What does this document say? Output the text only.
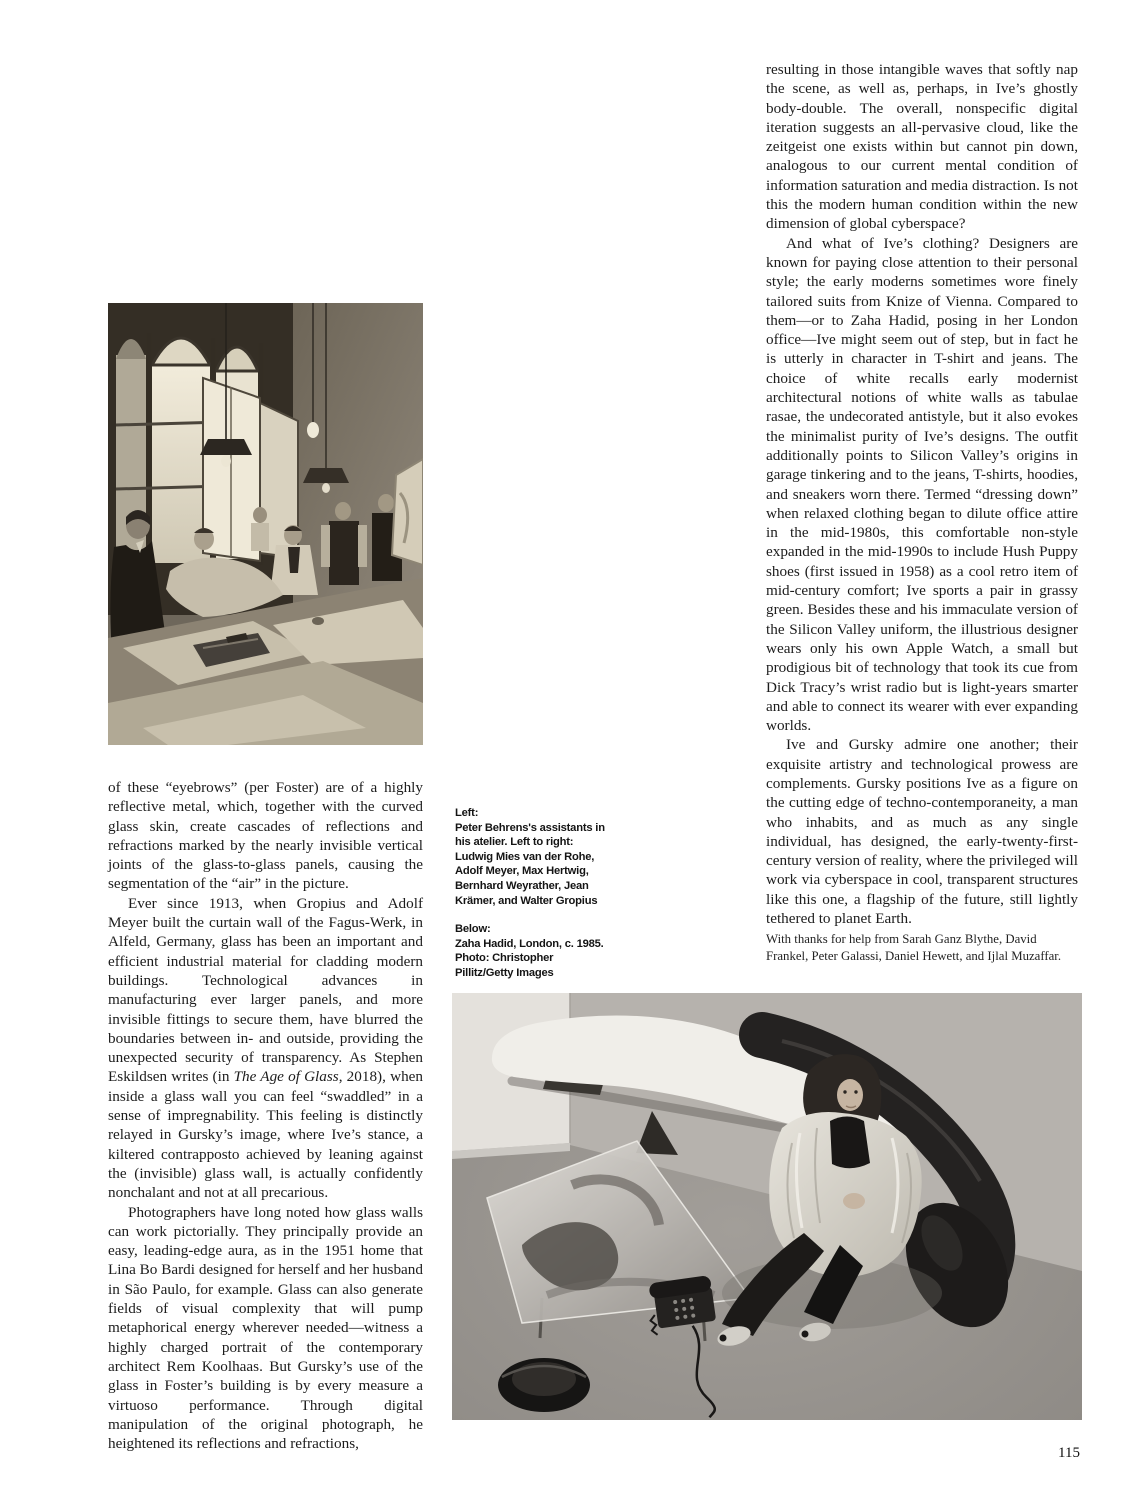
resulting in those intangible waves that softly nap the scene, as well as, perhaps, in Ive’s ghostly body-double. The overall, nonspecific digital iteration suggests an all-pervasive cloud, like the zeitgeist one exists within but cannot pin down, analogous to our current mental condition of information saturation and media distraction. Is not this the modern human condition within the new dimension of global cyberspace?

And what of Ive’s clothing? Designers are known for paying close attention to their personal style; the early moderns sometimes wore finely tailored suits from Knize of Vienna. Compared to them—or to Zaha Hadid, posing in her London office—Ive might seem out of step, but in fact he is utterly in character in T-shirt and jeans. The choice of white recalls early modernist architectural notions of white walls as tabulae rasae, the undecorated antistyle, but it also evokes the minimalist purity of Ive’s designs. The outfit additionally points to Silicon Valley’s origins in garage tinkering and to the jeans, T-shirts, hoodies, and sneakers worn there. Termed “dressing down” when relaxed clothing began to dilute office attire in the mid-1980s, this comfortable non-style expanded in the mid-1990s to include Hush Puppy shoes (first issued in 1958) as a cool retro item of mid-century comfort; Ive sports a pair in grassy green. Besides these and his immaculate version of the Silicon Valley uniform, the illustrious designer wears only his own Apple Watch, a small but prodigious bit of technology that took its cue from Dick Tracy’s wrist radio but is light-years smarter and able to connect its wearer with ever expanding worlds.

Ive and Gursky admire one another; their exquisite artistry and technological prowess are complements. Gursky positions Ive as a figure on the cutting edge of techno-contemporaneity, a man who inhabits, and as much as any single individual, has designed, the early-twenty-first-century version of reality, where the privileged will work via cyberspace in cool, transparent structures like this one, a flagship of the future, still lightly tethered to planet Earth.

With thanks for help from Sarah Ganz Blythe, David Frankel, Peter Galassi, Daniel Hewett, and Ijlal Muzaffar.
Left:
Peter Behrens's assistants in his atelier. Left to right: Ludwig Mies van der Rohe, Adolf Meyer, Max Hertwig, Bernhard Weyrather, Jean Krämer, and Walter Gropius
Below:
Zaha Hadid, London, c. 1985. Photo: Christopher Pillitz/Getty Images

of these “eyebrows” (per Foster) are of a highly reflective metal, which, together with the curved glass skin, create cascades of reflections and refractions marked by the nearly invisible vertical joints of the glass-to-glass panels, causing the segmentation of the “air” in the picture.

Ever since 1913, when Gropius and Adolf Meyer built the curtain wall of the Fagus-Werk, in Alfeld, Germany, glass has been an important and efficient industrial material for cladding modern buildings. Technological advances in manufacturing ever larger panels, and more invisible fittings to secure them, have blurred the boundaries between in- and outside, providing the unexpected security of transparency. As Stephen Eskildsen writes (in The Age of Glass, 2018), when inside a glass wall you can feel “swaddled” in a sense of impregnability. This feeling is distinctly relayed in Gursky’s image, where Ive’s stance, a kiltered contrapposto achieved by leaning against the (invisible) glass wall, is actually confidently nonchalant and not at all precarious.

Photographers have long noted how glass walls can work pictorially. They principally provide an easy, leading-edge aura, as in the 1951 home that Lina Bo Bardi designed for herself and her husband in São Paulo, for example. Glass can also generate fields of visual complexity that will pump metaphorical energy wherever needed—witness a highly charged portrait of the contemporary architect Rem Koolhaas. But Gursky’s use of the glass in Foster’s building is by every measure a virtuoso performance. Through digital manipulation of the original photograph, he heightened its reflections and refractions,

115
